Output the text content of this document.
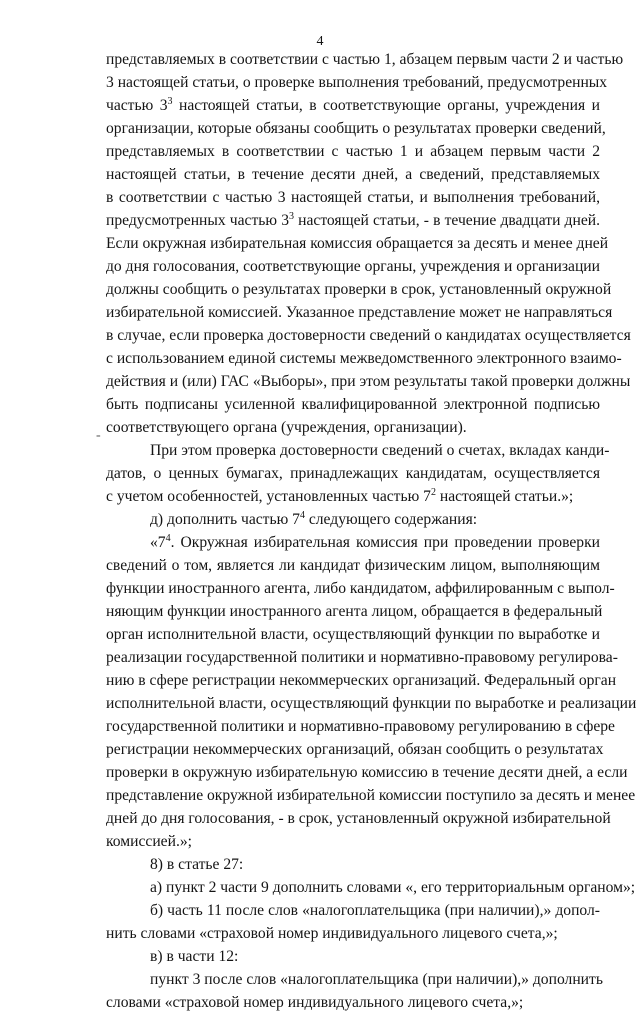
4
-

представляемых в соответствии с частью 1, абзацем первым части 2 и частью

3 настоящей статьи, о проверке выполнения требований, предусмотренных

частью $3^3$ настоящей статьи, в соответствующие органы, учреждения и

организации, которые обязаны сообщить о результатах проверки сведений,

представляемых в соответствии с частью 1 и абзацем первым части 2

настоящей статьи, в течение десяти дней, а сведений, представляемых

в соответствии с частью 3 настоящей статьи, и выполнения требований,

предусмотренных частью $3^3$ настоящей статьи, - в течение двадцати дней.

Если окружная избирательная комиссия обращается за десять и менее дней

до дня голосования, соответствующие органы, учреждения и организации

должны сообщить о результатах проверки в срок, установленный окружной

избирательной комиссией. Указанное представление может не направляться

в случае, если проверка достоверности сведений о кандидатах осуществляется

с использованием единой системы межведомственного электронного взаимо-

действия и (или) ГАС «Выборы», при этом результаты такой проверки должны

быть подписаны усиленной квалифицированной электронной подписью

соответствующего органа (учреждения, организации).

При этом проверка достоверности сведений о счетах, вкладах канди-

датов, о ценных бумагах, принадлежащих кандидатам, осуществляется

с учетом особенностей, установленных частью $7^2$ настоящей статьи.»;

д) дополнить частью $7^4$ следующего содержания:

«$7^4$. Окружная избирательная комиссия при проведении проверки

сведений о том, является ли кандидат физическим лицом, выполняющим

функции иностранного агента, либо кандидатом, аффилированным с выпол-

няющим функции иностранного агента лицом, обращается в федеральный

орган исполнительной власти, осуществляющий функции по выработке и

реализации государственной политики и нормативно-правовому регулирова-

нию в сфере регистрации некоммерческих организаций. Федеральный орган

исполнительной власти, осуществляющий функции по выработке и реализации

государственной политики и нормативно-правовому регулированию в сфере

регистрации некоммерческих организаций, обязан сообщить о результатах

проверки в окружную избирательную комиссию в течение десяти дней, а если

представление окружной избирательной комиссии поступило за десять и менее

дней до дня голосования, - в срок, установленный окружной избирательной

комиссией.»;

8) в статье 27:

а) пункт 2 части 9 дополнить словами «, его территориальным органом»;

б) часть 11 после слов «налогоплательщика (при наличии),» допол-

нить словами «страховой номер индивидуального лицевого счета,»;

в) в части 12:

пункт 3 после слов «налогоплательщика (при наличии),» дополнить

словами «страховой номер индивидуального лицевого счета,»;
